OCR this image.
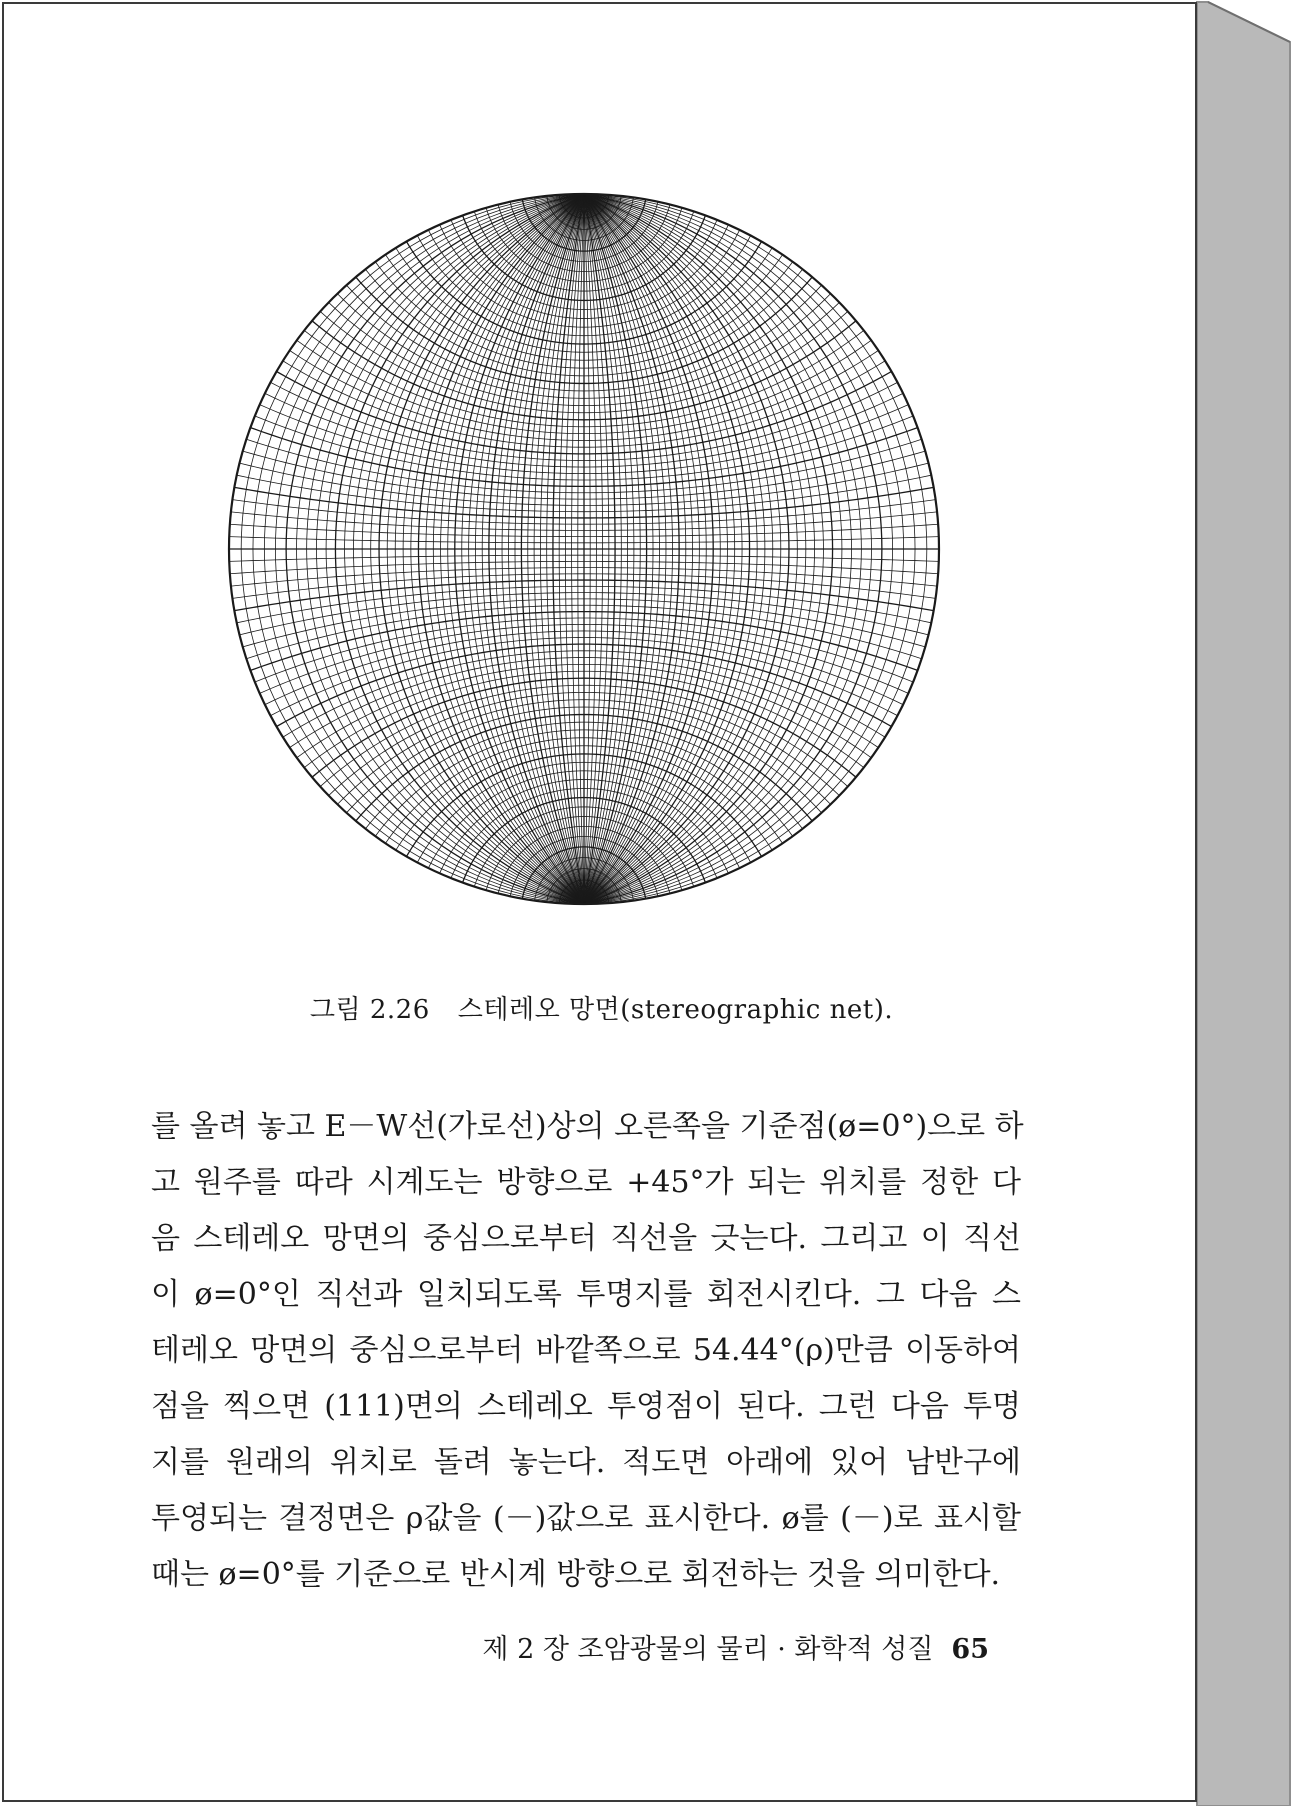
그림 2.26 스테레오 망면(stereographic net).
를 올려 놓고 E－W선(가로선)상의 오른쪽을 기준점(ø=0°)으로 하
고 원주를 따라 시계도는 방향으로 +45°가 되는 위치를 정한 다
음 스테레오 망면의 중심으로부터 직선을 긋는다. 그리고 이 직선
이 ø=0°인 직선과 일치되도록 투명지를 회전시킨다. 그 다음 스
테레오 망면의 중심으로부터 바깥쪽으로 54.44°(ρ)만큼 이동하여
점을 찍으면 (111)면의 스테레오 투영점이 된다. 그런 다음 투명
지를 원래의 위치로 돌려 놓는다. 적도면 아래에 있어 남반구에
투영되는 결정면은 ρ값을 (－)값으로 표시한다. ø를 (－)로 표시할
때는 ø=0°를 기준으로 반시계 방향으로 회전하는 것을 의미한다.
제 2 장 조암광물의 물리 · 화학적 성질 65
